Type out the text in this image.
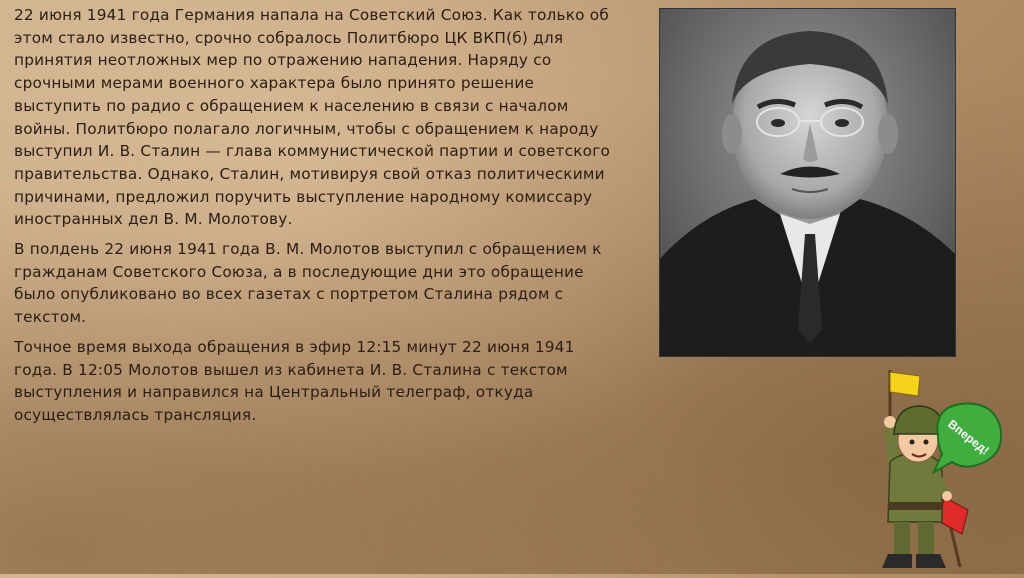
22 июня 1941 года Германия напала на Советский Союз. Как только об этом стало известно, срочно собралось Политбюро ЦК ВКП(б) для принятия неотложных мер по отражению нападения. Наряду со срочными мерами военного характера было принято решение выступить по радио с обращением к населению в связи с началом войны. Политбюро полагало логичным, чтобы с обращением к народу выступил И. В. Сталин — глава коммунистической партии и советского правительства. Однако, Сталин, мотивируя свой отказ политическими причинами, предложил поручить выступление народному комиссару иностранных дел В. М. Молотову.

В полдень 22 июня 1941 года В. М. Молотов выступил с обращением к гражданам Советского Союза, а в последующие дни это обращение было опубликовано во всех газетах с портретом Сталина рядом с текстом.

Точное время выхода обращения в эфир 12:15 минут 22 июня 1941 года. В 12:05 Молотов вышел из кабинета И. В. Сталина с текстом выступления и направился на Центральный телеграф, откуда осуществлялась трансляция.

Вперед!
